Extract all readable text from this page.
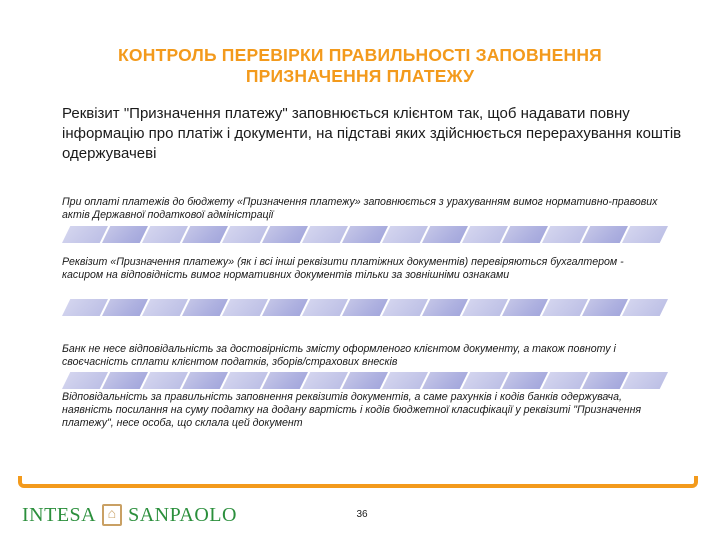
КОНТРОЛЬ ПЕРЕВІРКИ ПРАВИЛЬНОСТІ ЗАПОВНЕННЯ
ПРИЗНАЧЕННЯ ПЛАТЕЖУ
Реквізит "Призначення платежу" заповнюється клієнтом так, щоб надавати повну інформацію про платіж і документи, на підставі яких здійснюється перерахування коштів одержувачеві
При оплаті платежів до бюджету «Призначення платежу» заповнюється з урахуванням вимог нормативно-правових актів Державної податкової адміністрації
Реквізит «Призначення платежу» (як і всі інші реквізити платіжних документів) перевіряються бухгалтером - касиром на відповідність вимог нормативних документів тільки за зовнішніми ознаками
Банк не несе відповідальність за достовірність змісту оформленого клієнтом документу, а також повноту і своєчасність сплати клієнтом податків, зборів/страхових внесків
Відповідальність за правильність заповнення реквізитів документів, а саме рахунків і кодів банків одержувача, наявність посилання на суму податку на додану вартість і кодів бюджетної класифікації у реквізиті "Призначення платежу", несе особа, що склала цей документ
INTESA ⌂ SANPAOLO	36
